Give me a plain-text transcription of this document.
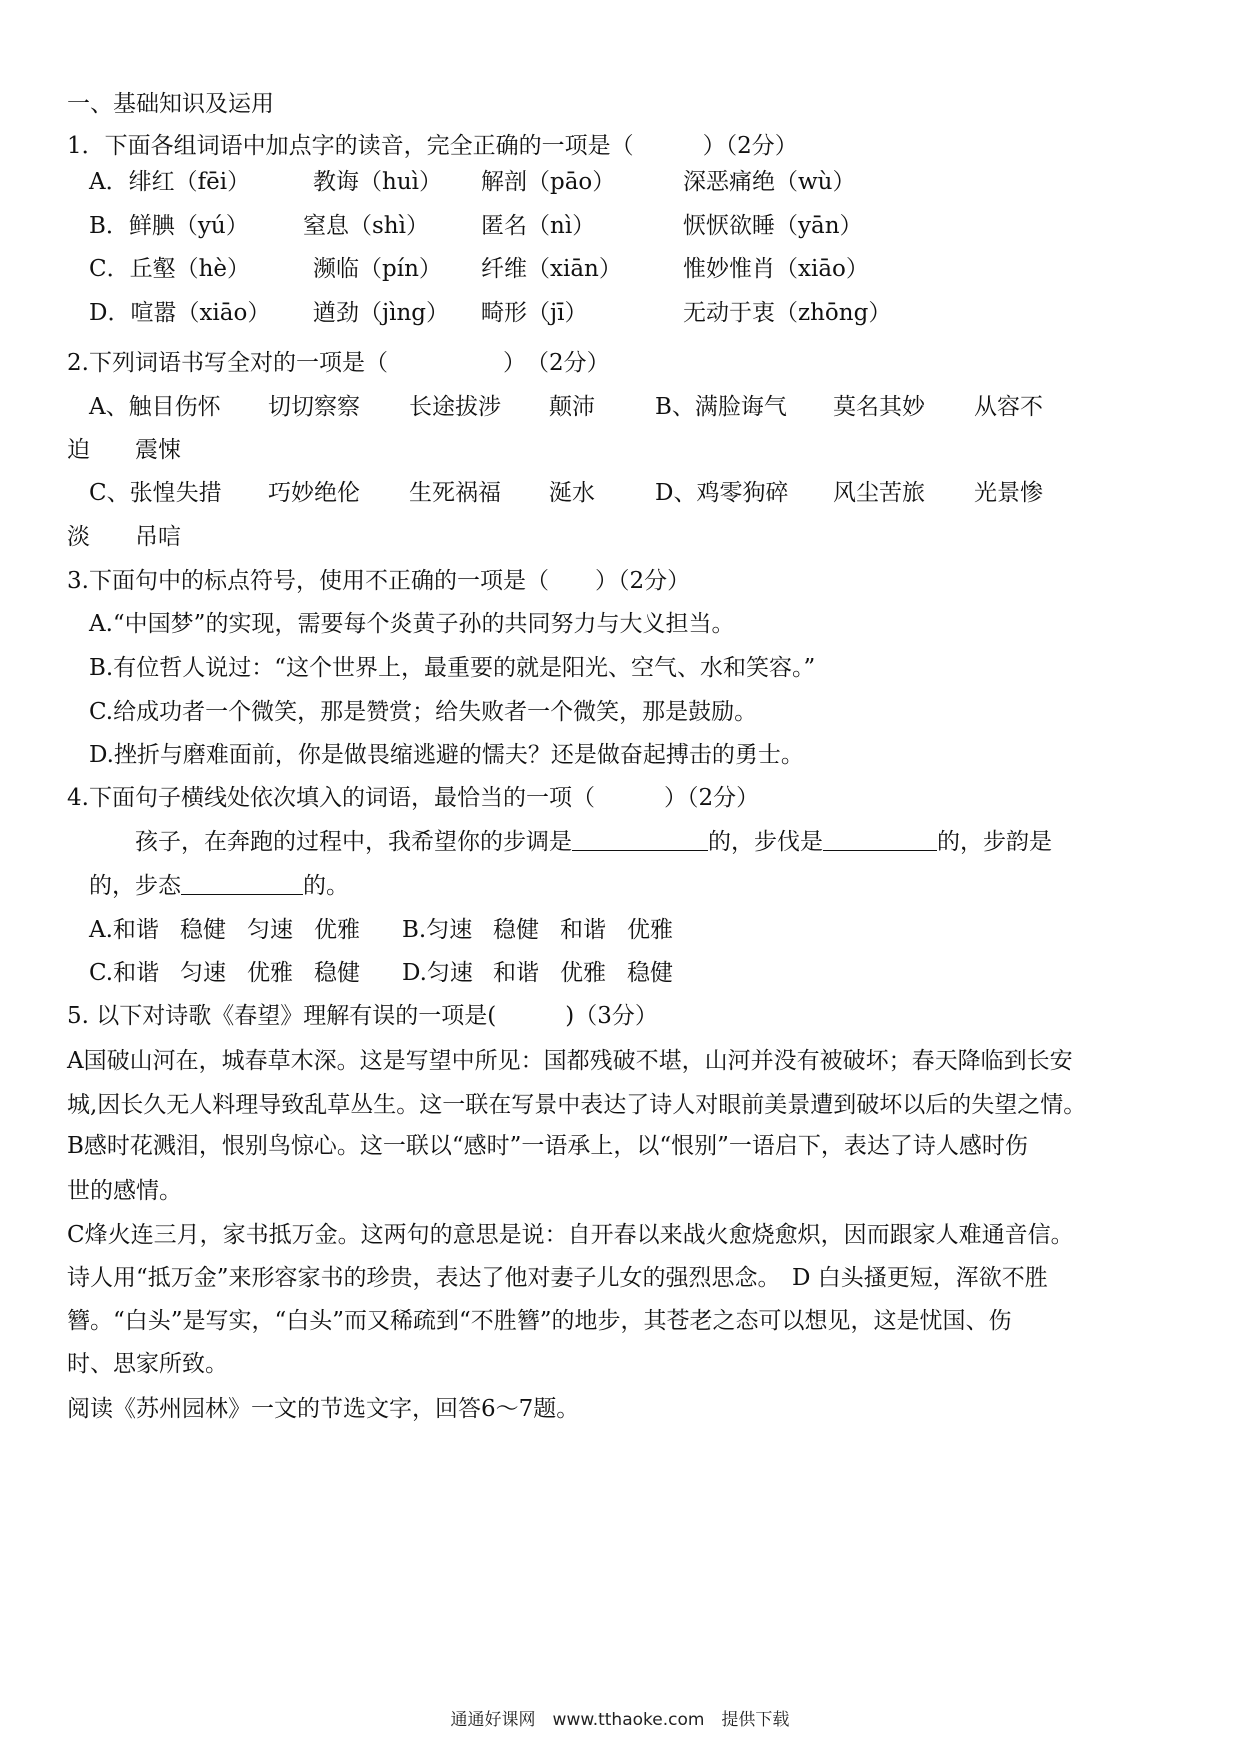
一、基础知识及运用
1．下面各组词语中加点字的读音，完全正确的一项是（　　　）（2分）
A．绯红（fēi）	教诲（huì） 解剖（pāo）	深恶痛绝（wù）
B．鲜腆（yú） 窒息（shì） 匿名（nì）	恹恹欲睡（yān）
C．丘壑（hè）	濒临（pín） 纤维（xiān）	惟妙惟肖（xiāo）
D．喧嚣（xiāo） 遒劲（jìng） 畸形（jī）	无动于衷（zhōng）
2.下列词语书写全对的一项是（　　　　　）　（2分）
A、触目伤怀 切切察察 长途拔涉 颠沛	B、满脸诲气 莫名其妙 从容不
迫 震悚
C、张惶失措 巧妙绝伦 生死祸福 涎水	D、鸡零狗碎 风尘苦旅 光景惨
淡 吊唁
3.下面句中的标点符号，使用不正确的一项是（　　）（2分）
A.“中国梦”的实现，需要每个炎黄子孙的共同努力与大义担当。
B.有位哲人说过：“这个世界上，最重要的就是阳光、空气、水和笑容。”
C.给成功者一个微笑，那是赞赏；给失败者一个微笑，那是鼓励。
D.挫折与磨难面前，你是做畏缩逃避的懦夫？还是做奋起搏击的勇士。
4.下面句子横线处依次填入的词语，最恰当的一项（　　　）（2分）
孩子，在奔跑的过程中，我希望你的步调是	的，步伐是	的，步韵是
的，步态	的。
A.和谐 稳健 匀速 优雅 B.匀速 稳健 和谐 优雅
C.和谐 匀速 优雅 稳健 D.匀速 和谐 优雅 稳健
5. 以下对诗歌《春望》理解有误的一项是(　　　)（3分）
A国破山河在，城春草木深。这是写望中所见：国都残破不堪，山河并没有被破坏；春天降临到长安
城,因长久无人料理导致乱草丛生。这一联在写景中表达了诗人对眼前美景遭到破坏以后的失望之情。
B感时花溅泪，恨别鸟惊心。这一联以“感时”一语承上，以“恨别”一语启下，表达了诗人感时伤
世的感情。
C烽火连三月，家书抵万金。这两句的意思是说：自开春以来战火愈烧愈炽，因而跟家人难通音信。
诗人用“抵万金”来形容家书的珍贵，表达了他对妻子儿女的强烈思念。　D 白头搔更短，浑欲不胜
簪。“白头”是写实，“白头”而又稀疏到“不胜簪”的地步，其苍老之态可以想见，这是忧国、伤
时、思家所致。
阅读《苏州园林》一文的节选文字，回答6～7题。
通通好课网　www.tthaoke.com　提供下载
